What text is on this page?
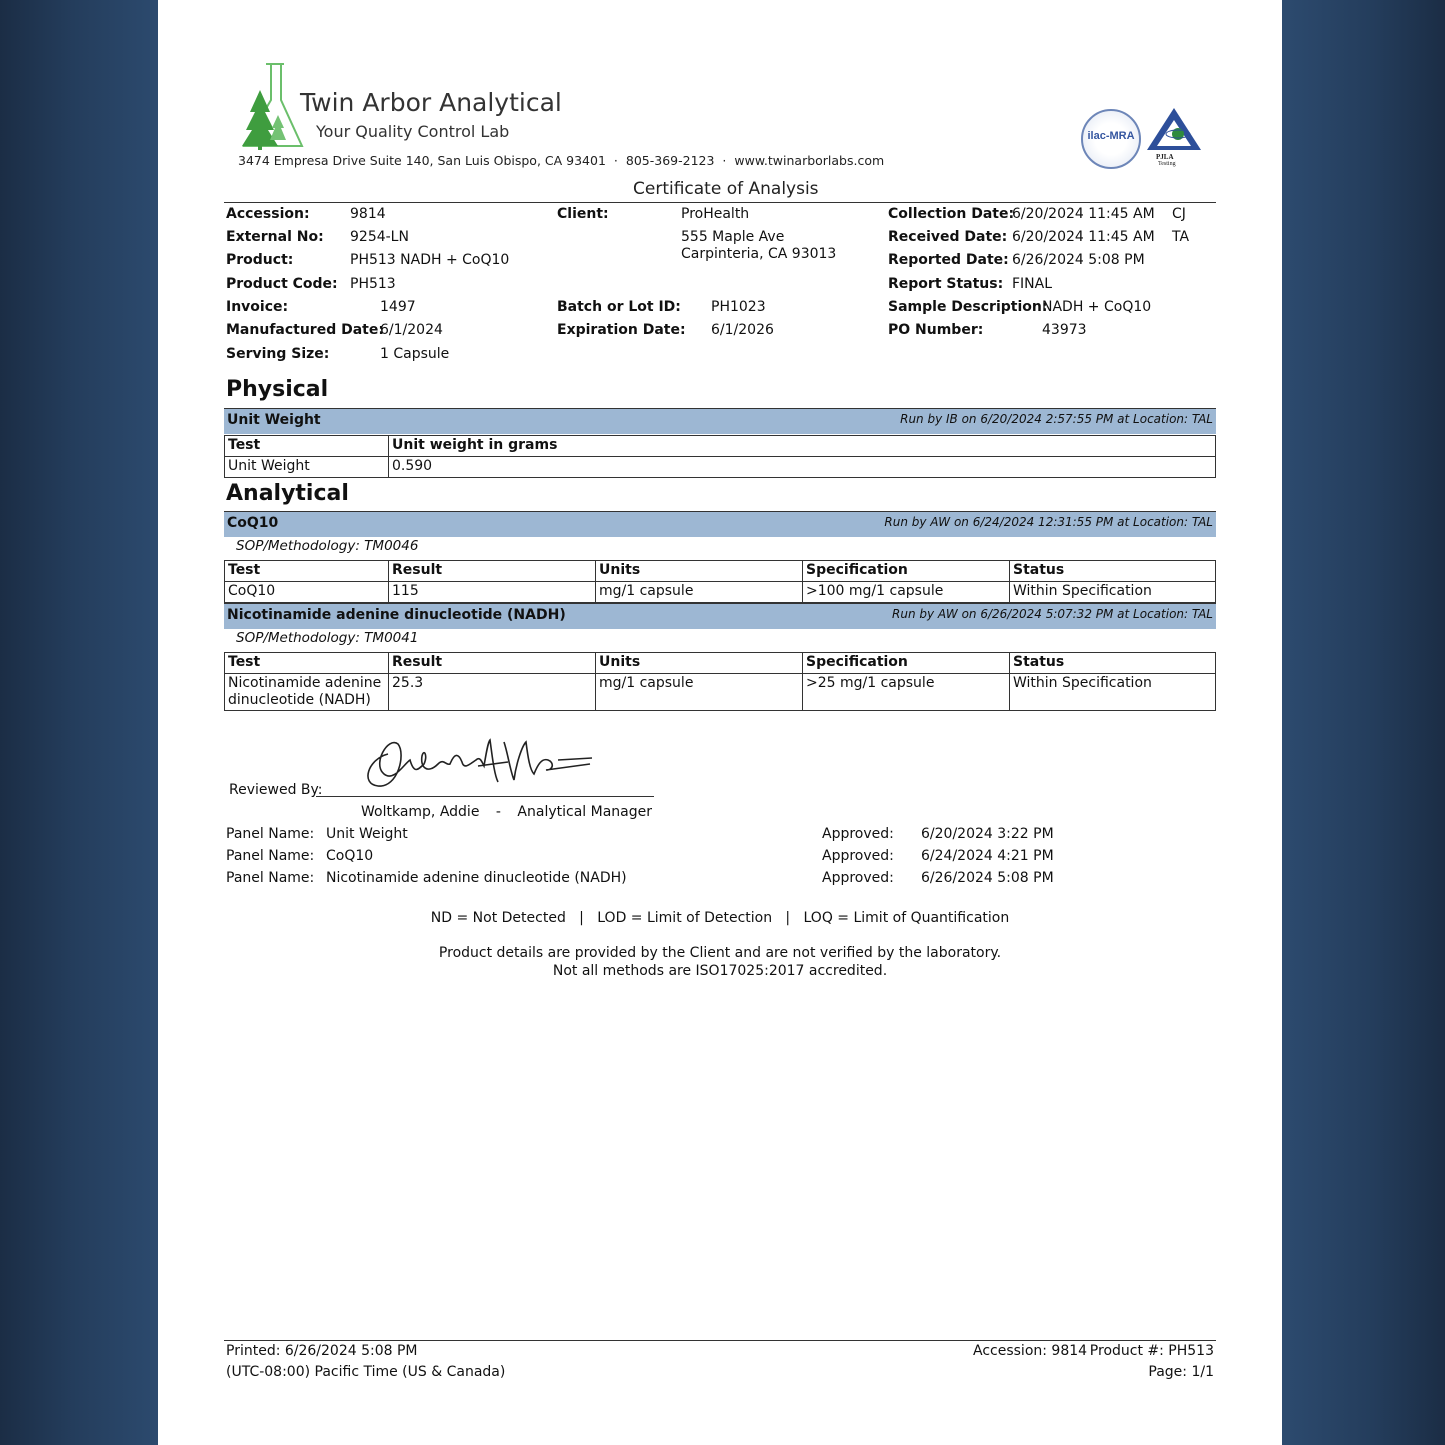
Twin Arbor Analytical
Your Quality Control Lab
3474 Empresa Drive Suite 140, San Luis Obispo, CA 93401 · 805-369-2123 · www.twinarborlabs.com
ilac-MRA
PJLA
Testing
Certificate of Analysis
Accession:	9814
External No: 9254-LN
Product:	PH513 NADH + CoQ10
Product Code: PH513
Invoice:	1497
Manufactured Date:
6/1/2024
Serving Size:	1 Capsule
Client:	ProHealth
555 Maple Ave
Carpinteria, CA 93013
Batch or Lot ID: PH1023
Expiration Date: 6/1/2026
Collection Date:
6/20/2024 11:45 AM CJ
Received Date: 6/20/2024 11:45 AM TA
Reported Date: 6/26/2024 5:08 PM
Report Status: FINAL
Sample Description:
NADH + CoQ10
PO Number:	43973
Physical
Unit Weight	Run by IB on 6/20/2024 2:57:55 PM at Location: TAL
Test	Unit weight in grams
Unit Weight	0.590
Analytical
CoQ10	Run by AW on 6/24/2024 12:31:55 PM at Location: TAL
SOP/Methodology: TM0046
Test	Result	Units	Specification	Status
CoQ10	115	mg/1 capsule	>100 mg/1 capsule	Within Specification
Nicotinamide adenine dinucleotide (NADH)	Run by AW on 6/26/2024 5:07:32 PM at Location: TAL
SOP/Methodology: TM0041
Test	Result	Units	Specification	Status

Nicotinamide adenine
dinucleotide (NADH)	25.3	mg/1 capsule	>25 mg/1 capsule	Within Specification
Reviewed By:
Woltkamp, Addie - Analytical Manager
Panel Name: Unit Weight	Approved: 6/20/2024 3:22 PM
Panel Name: CoQ10	Approved: 6/24/2024 4:21 PM
Panel Name: Nicotinamide adenine dinucleotide (NADH)	Approved: 6/26/2024 5:08 PM
ND = Not Detected   |   LOD = Limit of Detection   |   LOQ = Limit of Quantification
Product details are provided by the Client and are not verified by the laboratory.
Not all methods are ISO17025:2017 accredited.
Printed: 6/26/2024 5:08 PM
(UTC-08:00) Pacific Time (US & Canada)
Accession: 9814 Product #: PH513
Page: 1/1
